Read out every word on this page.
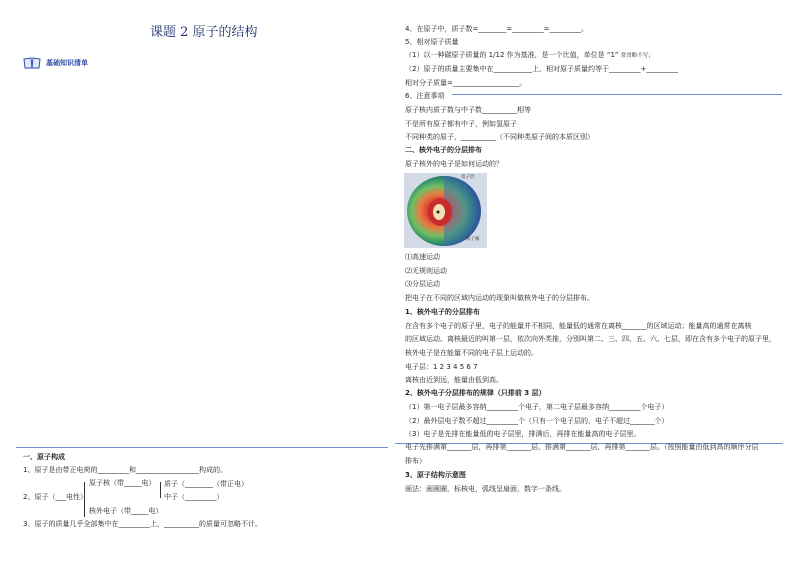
课题 2 原子的结构
基础知识清单
一、原子构成
1、原子是由带正电荷的_________和__________________构成的。
2、原子（___电性）
原子核（带_____电） 质子（________（带正电）
中子（_________）
核外电子（带_____电）
3、原子的质量几乎全部集中在_________上，__________的质量可忽略不计。
4、在原子中，质子数=________=_________=_________。
5、相对原子质量
（1）以一种碳原子质量的 1/12 作为基准，是一个比值，单位是 “1” 常省略不写；
（2）原子的质量主要集中在___________上，相对原子质量约等于_________+_________
相对分子质量=___________________。
6、注意事项
原子核内质子数与中子数__________相等
不是所有原子都有中子，例如氢原子
不同种类的原子，__________（不同种类原子间的本质区别）
二、核外电子的分层排布
原子核外的电子是如何运动的？
电子层
原子核
⑴高速运动
⑵无规则运动
⑶分层运动
把电子在不同的区域内运动的现象叫做核外电子的分层排布。
1、核外电子的分层排布
在含有多个电子的原子里，电子的能量并不相同，能量低的通常在离核_______的区域运动；能量高的通常在离核
的区域运动。离核最近的叫第一层，依次向外类推，分别叫第二、三、四、五、六、七层，即在含有多个电子的原子里，
核外电子是在能量不同的电子层上运动的。
电子层：1 2 3 4 5 6 7
离核由近到远，能量由低到高。
2、核外电子分层排布的规律（只排前 3 层）
（1）第一电子层最多容纳_________个电子，第二电子层最多容纳_________个电子）
（2）最外层电子数不超过_________个（只有一个电子层的，电子不超过_______个）
（3）电子是先排在能量低的电子层里，排满后，再排在能量高的电子层里。
电子先排满第_______层，再排第_______层，排满第_______层，再排第_______层。（按照能量由低到高的顺序分层
排布）
3、原子结构示意图
画法：画圆圈，标核电，弧线呈扇面，数字一条线。
